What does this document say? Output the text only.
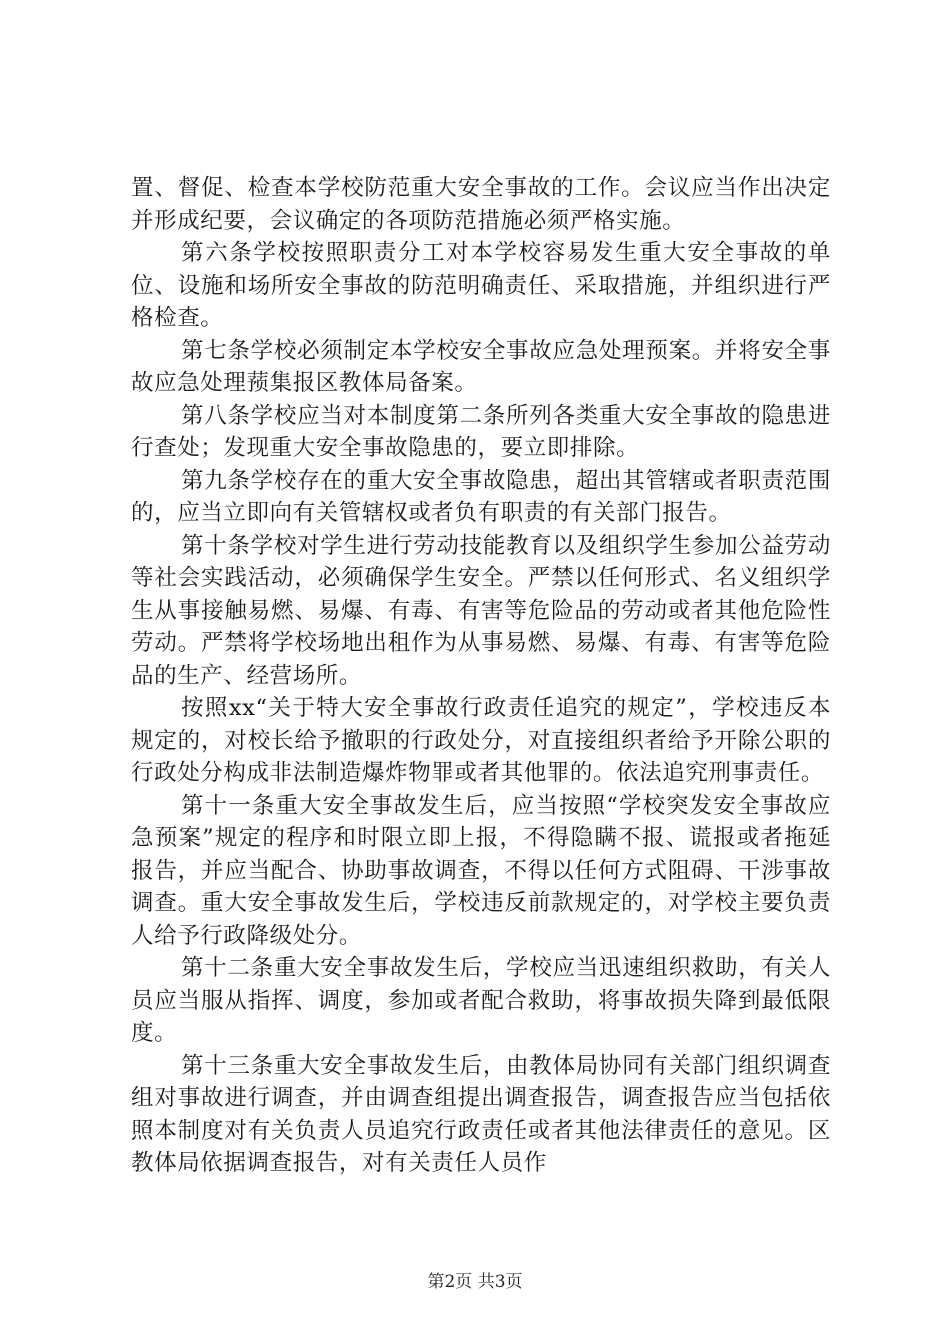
置、督促、检查本学校防范重大安全事故的工作。会议应当作出决定并形成纪要，会议确定的各项防范措施必须严格实施。

第六条学校按照职责分工对本学校容易发生重大安全事故的单位、设施和场所安全事故的防范明确责任、采取措施，并组织进行严格检查。

第七条学校必须制定本学校安全事故应急处理预案。并将安全事故应急处理蓣集报区教体局备案。

第八条学校应当对本制度第二条所列各类重大安全事故的隐患进行查处；发现重大安全事故隐患的，要立即排除。

第九条学校存在的重大安全事故隐患，超出其管辖或者职责范围的，应当立即向有关管辖权或者负有职责的有关部门报告。

第十条学校对学生进行劳动技能教育以及组织学生参加公益劳动等社会实践活动，必须确保学生安全。严禁以任何形式、名义组织学生从事接触易燃、易爆、有毒、有害等危险品的劳动或者其他危险性劳动。严禁将学校场地出租作为从事易燃、易爆、有毒、有害等危险品的生产、经营场所。

按照xx“关于特大安全事故行政责任追究的规定”，学校违反本规定的，对校长给予撤职的行政处分，对直接组织者给予开除公职的行政处分构成非法制造爆炸物罪或者其他罪的。依法追究刑事责任。

第十一条重大安全事故发生后，应当按照“学校突发安全事故应急预案”规定的程序和时限立即上报，不得隐瞒不报、谎报或者拖延报告，并应当配合、协助事故调查，不得以任何方式阻碍、干涉事故调查。重大安全事故发生后，学校违反前款规定的，对学校主要负责人给予行政降级处分。

第十二条重大安全事故发生后，学校应当迅速组织救助，有关人员应当服从指挥、调度，参加或者配合救助，将事故损失降到最低限度。

第十三条重大安全事故发生后，由教体局协同有关部门组织调查组对事故进行调查，并由调查组提出调查报告，调查报告应当包括依照本制度对有关负责人员追究行政责任或者其他法律责任的意见。区教体局依据调查报告，对有关责任人员作

第2页 共3页
